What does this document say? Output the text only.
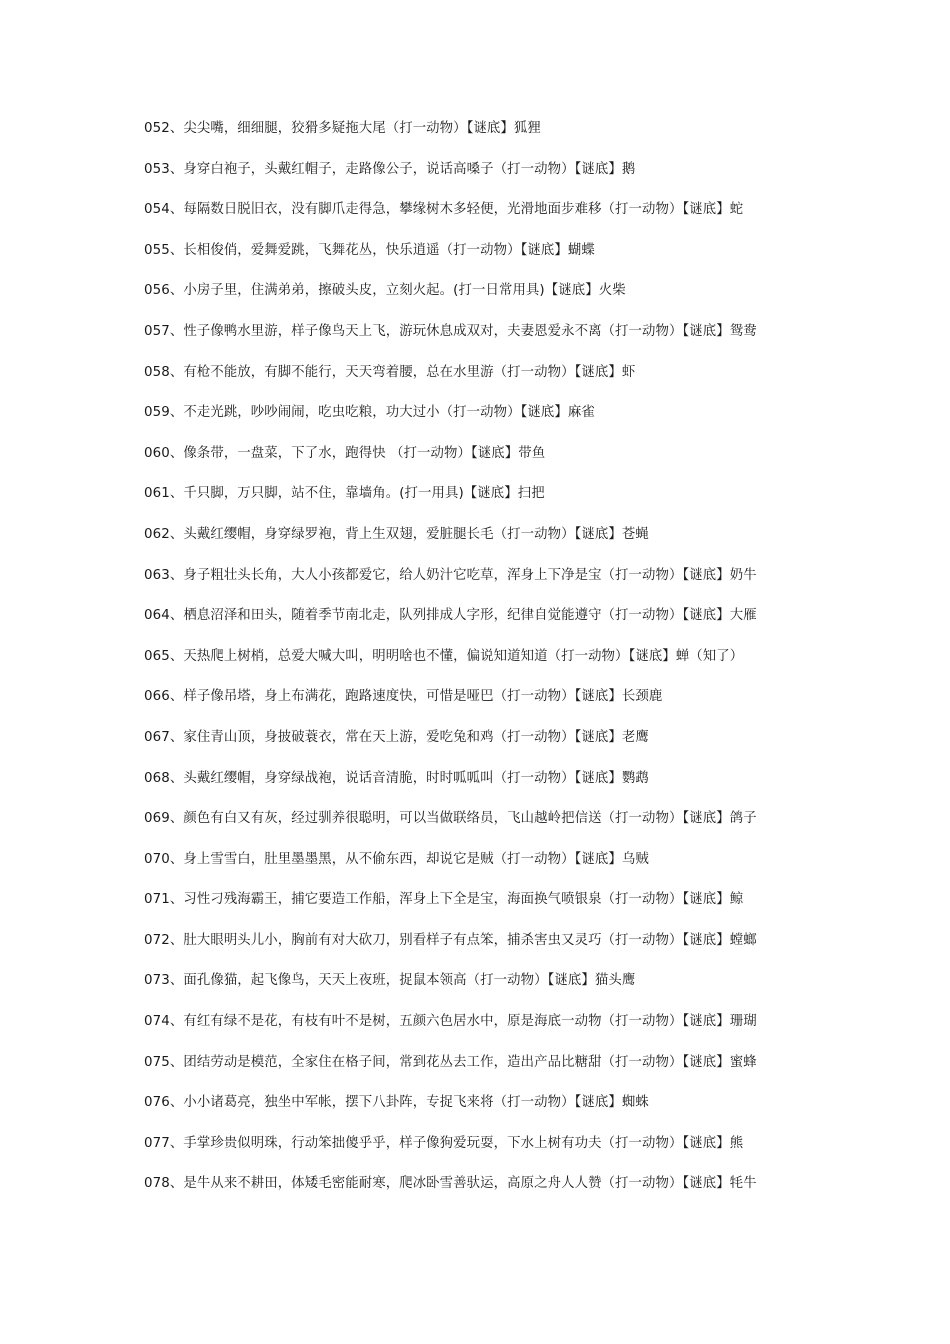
052、尖尖嘴，细细腿，狡猾多疑拖大尾（打一动物）【谜底】狐狸
053、身穿白袍子，头戴红帽子，走路像公子，说话高嗓子（打一动物）【谜底】鹅
054、每隔数日脱旧衣，没有脚爪走得急，攀缘树木多轻便，光滑地面步难移（打一动物）【谜底】蛇
055、长相俊俏，爱舞爱跳，飞舞花丛，快乐逍遥（打一动物）【谜底】蝴蝶
056、小房子里，住满弟弟，擦破头皮，立刻火起。(打一日常用具)【谜底】火柴
057、性子像鸭水里游，样子像鸟天上飞，游玩休息成双对，夫妻恩爱永不离（打一动物）【谜底】鸳鸯
058、有枪不能放，有脚不能行，天天弯着腰，总在水里游（打一动物）【谜底】虾
059、不走光跳，吵吵闹闹，吃虫吃粮，功大过小（打一动物）【谜底】麻雀
060、像条带，一盘菜，下了水，跑得快 （打一动物）【谜底】带鱼
061、千只脚，万只脚，站不住，靠墙角。(打一用具)【谜底】扫把
062、头戴红缨帽，身穿绿罗袍，背上生双翅，爱脏腿长毛（打一动物）【谜底】苍蝇
063、身子粗壮头长角，大人小孩都爱它，给人奶汁它吃草，浑身上下净是宝（打一动物）【谜底】奶牛
064、栖息沼泽和田头，随着季节南北走，队列排成人字形，纪律自觉能遵守（打一动物）【谜底】大雁
065、天热爬上树梢，总爱大喊大叫，明明啥也不懂，偏说知道知道（打一动物）【谜底】蝉（知了）
066、样子像吊塔，身上布满花，跑路速度快，可惜是哑巴（打一动物）【谜底】长颈鹿
067、家住青山顶，身披破蓑衣，常在天上游，爱吃兔和鸡（打一动物）【谜底】老鹰
068、头戴红缨帽，身穿绿战袍，说话音清脆，时时呱呱叫（打一动物）【谜底】鹦鹉
069、颜色有白又有灰，经过驯养很聪明，可以当做联络员，飞山越岭把信送（打一动物）【谜底】鸽子
070、身上雪雪白，肚里墨墨黑，从不偷东西，却说它是贼（打一动物）【谜底】乌贼
071、习性刁残海霸王，捕它要造工作船，浑身上下全是宝，海面换气喷银泉（打一动物）【谜底】鲸
072、肚大眼明头儿小，胸前有对大砍刀，别看样子有点笨，捕杀害虫又灵巧（打一动物）【谜底】螳螂
073、面孔像猫，起飞像鸟，天天上夜班，捉鼠本领高（打一动物）【谜底】猫头鹰
074、有红有绿不是花，有枝有叶不是树，五颜六色居水中，原是海底一动物（打一动物）【谜底】珊瑚
075、团结劳动是模范，全家住在格子间，常到花丛去工作，造出产品比糖甜（打一动物）【谜底】蜜蜂
076、小小诸葛亮，独坐中军帐，摆下八卦阵，专捉飞来将（打一动物）【谜底】蜘蛛
077、手掌珍贵似明珠，行动笨拙傻乎乎，样子像狗爱玩耍，下水上树有功夫（打一动物）【谜底】熊
078、是牛从来不耕田，体矮毛密能耐寒，爬冰卧雪善驮运，高原之舟人人赞（打一动物）【谜底】牦牛
